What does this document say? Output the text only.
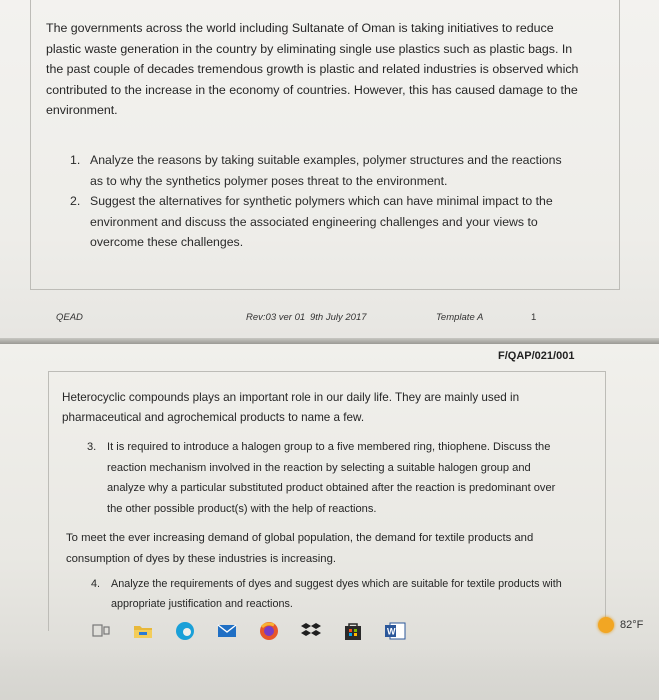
The governments across the world including Sultanate of Oman is taking initiatives to reduce plastic waste generation in the country by eliminating single use plastics such as plastic bags. In the past couple of decades tremendous growth is plastic and related industries is observed which contributed to the increase in the economy of countries. However, this has caused damage to the environment.

1. Analyze the reasons by taking suitable examples, polymer structures and the reactions as to why the synthetics polymer poses threat to the environment.
2. Suggest the alternatives for synthetic polymers which can have minimal impact to the environment and discuss the associated engineering challenges and your views to overcome these challenges.
QEAD	Rev:03 ver 01 9th July 2017	Template A	1
F/QAP/021/001

Heterocyclic compounds plays an important role in our daily life. They are mainly used in pharmaceutical and agrochemical products to name a few.

3. It is required to introduce a halogen group to a five membered ring, thiophene. Discuss the reaction mechanism involved in the reaction by selecting a suitable halogen group and analyze why a particular substituted product obtained after the reaction is predominant over the other possible product(s) with the help of reactions.

To meet the ever increasing demand of global population, the demand for textile products and consumption of dyes by these industries is increasing.

4.	Analyze the requirements of dyes and suggest dyes which are suitable for textile products with appropriate justification and reactions.
W
82°F
